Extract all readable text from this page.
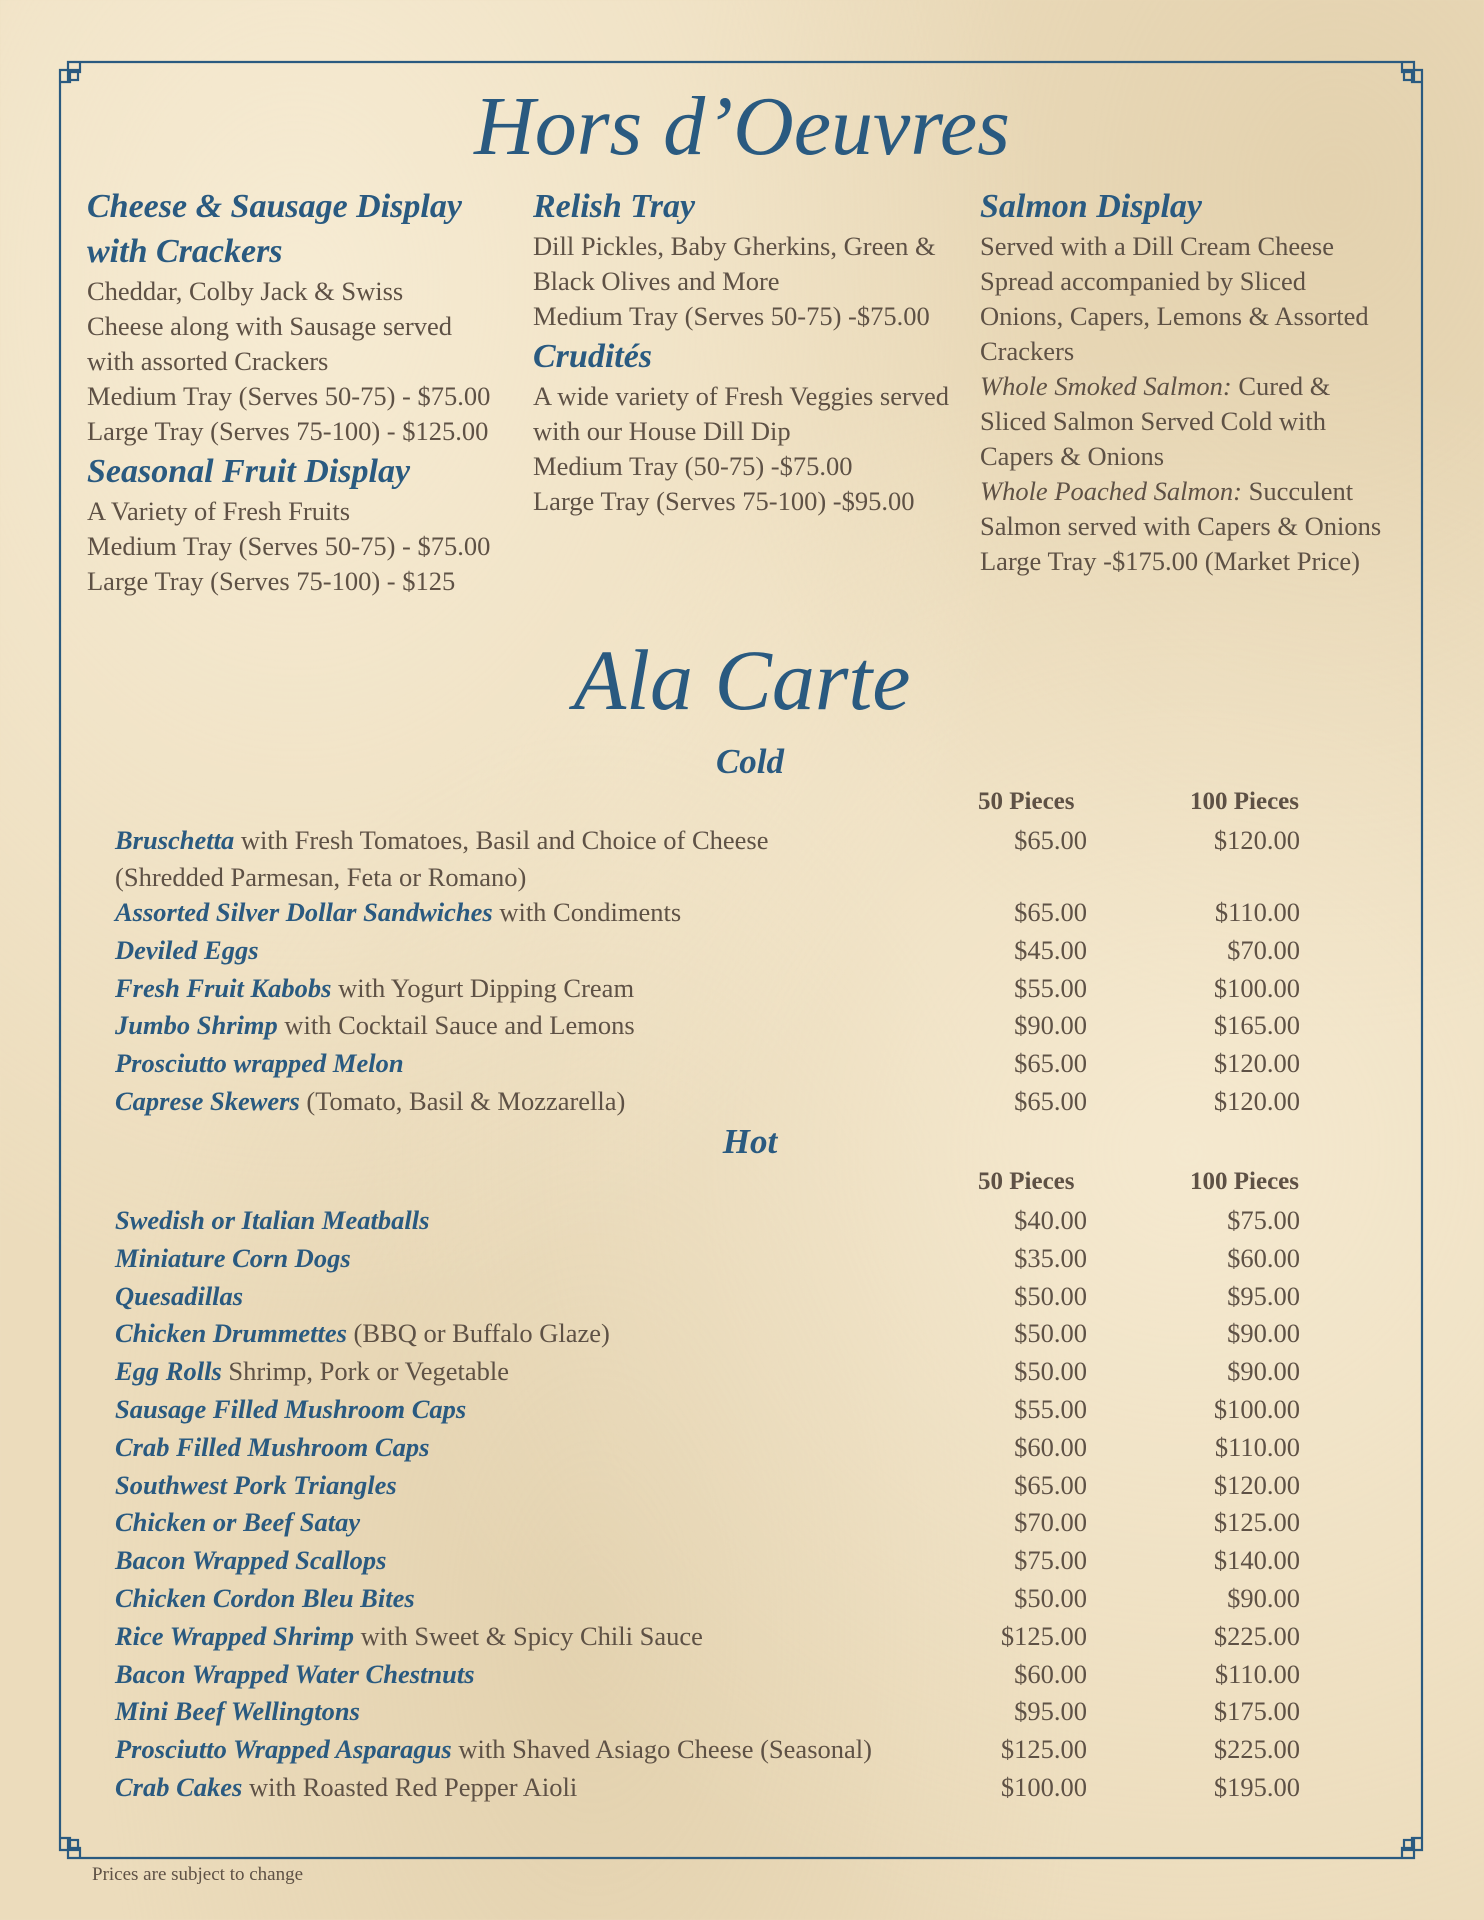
Hors d’Oeuvres

Cheese & Sausage Display

with Crackers

Cheddar, Colby Jack & Swiss

Cheese along with Sausage served

with assorted Crackers

Medium Tray (Serves 50-75) - $75.00

Large Tray (Serves 75-100) - $125.00

Seasonal Fruit Display

A Variety of Fresh Fruits

Medium Tray (Serves 50-75) - $75.00

Large Tray (Serves 75-100) - $125

Relish Tray

Dill Pickles, Baby Gherkins, Green &

Black Olives and More

Medium Tray (Serves 50-75) -$75.00

Crudités

A wide variety of Fresh Veggies served

with our House Dill Dip

Medium Tray (50-75) -$75.00

Large Tray (Serves 75-100) -$95.00

Salmon Display

Served with a Dill Cream Cheese

Spread accompanied by Sliced

Onions, Capers, Lemons & Assorted

Crackers

Whole Smoked Salmon: Cured &

Sliced Salmon Served Cold with

Capers & Onions

Whole Poached Salmon: Succulent

Salmon served with Capers & Onions

Large Tray -$175.00 (Market Price)

Ala Carte
Cold
50 Pieces	100 Pieces
Bruschetta with Fresh Tomatoes, Basil and Choice of Cheese
(Shredded Parmesan, Feta or Romano)
$65.00	$120.00
Assorted Silver Dollar Sandwiches with Condiments	$65.00	$110.00
Deviled Eggs	$45.00	$70.00
Fresh Fruit Kabobs with Yogurt Dipping Cream	$55.00	$100.00
Jumbo Shrimp with Cocktail Sauce and Lemons	$90.00	$165.00
Prosciutto wrapped Melon	$65.00	$120.00
Caprese Skewers (Tomato, Basil & Mozzarella)	$65.00	$120.00
Hot
50 Pieces	100 Pieces
Swedish or Italian Meatballs	$40.00	$75.00
Miniature Corn Dogs	$35.00	$60.00
Quesadillas	$50.00	$95.00
Chicken Drummettes (BBQ or Buffalo Glaze)	$50.00	$90.00
Egg Rolls Shrimp, Pork or Vegetable	$50.00	$90.00
Sausage Filled Mushroom Caps	$55.00	$100.00
Crab Filled Mushroom Caps	$60.00	$110.00
Southwest Pork Triangles	$65.00	$120.00
Chicken or Beef Satay	$70.00	$125.00
Bacon Wrapped Scallops	$75.00	$140.00
Chicken Cordon Bleu Bites	$50.00	$90.00
Rice Wrapped Shrimp with Sweet & Spicy Chili Sauce	$125.00	$225.00
Bacon Wrapped Water Chestnuts	$60.00	$110.00
Mini Beef Wellingtons	$95.00	$175.00
Prosciutto Wrapped Asparagus with Shaved Asiago Cheese (Seasonal)	$125.00	$225.00
Crab Cakes with Roasted Red Pepper Aioli	$100.00	$195.00
Prices are subject to change
